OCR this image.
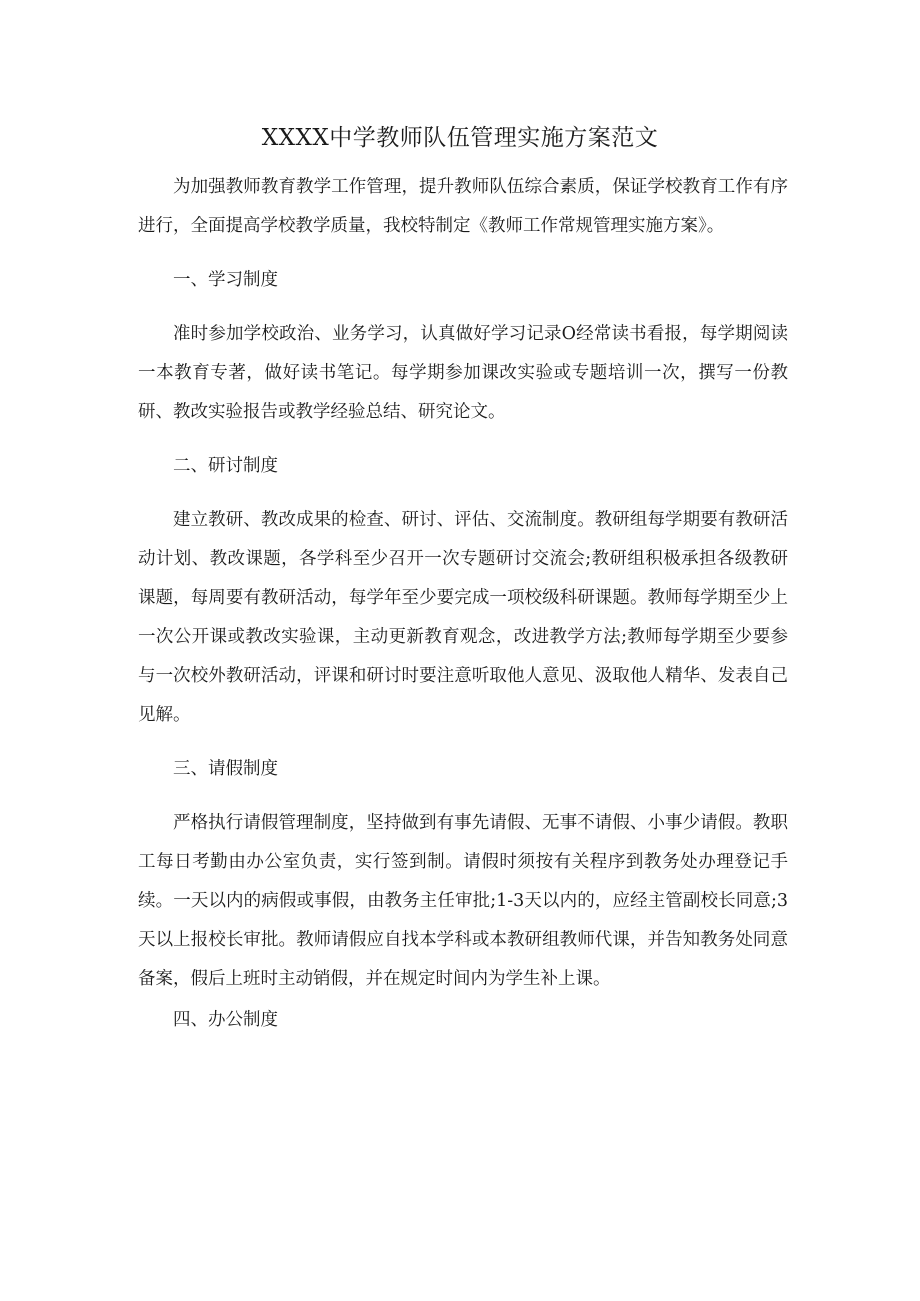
XXXX中学教师队伍管理实施方案范文

为加强教师教育教学工作管理，提升教师队伍综合素质，保证学校教育工作有序进行，全面提高学校教学质量，我校特制定《教师工作常规管理实施方案》。

一、学习制度

准时参加学校政治、业务学习，认真做好学习记录O经常读书看报，每学期阅读一本教育专著，做好读书笔记。每学期参加课改实验或专题培训一次，撰写一份教研、教改实验报告或教学经验总结、研究论文。

二、研讨制度

建立教研、教改成果的检查、研讨、评估、交流制度。教研组每学期要有教研活动计划、教改课题，各学科至少召开一次专题研讨交流会;教研组积极承担各级教研课题，每周要有教研活动，每学年至少要完成一项校级科研课题。教师每学期至少上一次公开课或教改实验课，主动更新教育观念，改进教学方法;教师每学期至少要参与一次校外教研活动，评课和研讨时要注意听取他人意见、汲取他人精华、发表自己见解。

三、请假制度

严格执行请假管理制度，坚持做到有事先请假、无事不请假、小事少请假。教职工每日考勤由办公室负责，实行签到制。请假时须按有关程序到教务处办理登记手续。一天以内的病假或事假，由教务主任审批;1-3天以内的，应经主管副校长同意;3天以上报校长审批。教师请假应自找本学科或本教研组教师代课，并告知教务处同意备案，假后上班时主动销假，并在规定时间内为学生补上课。

四、办公制度
